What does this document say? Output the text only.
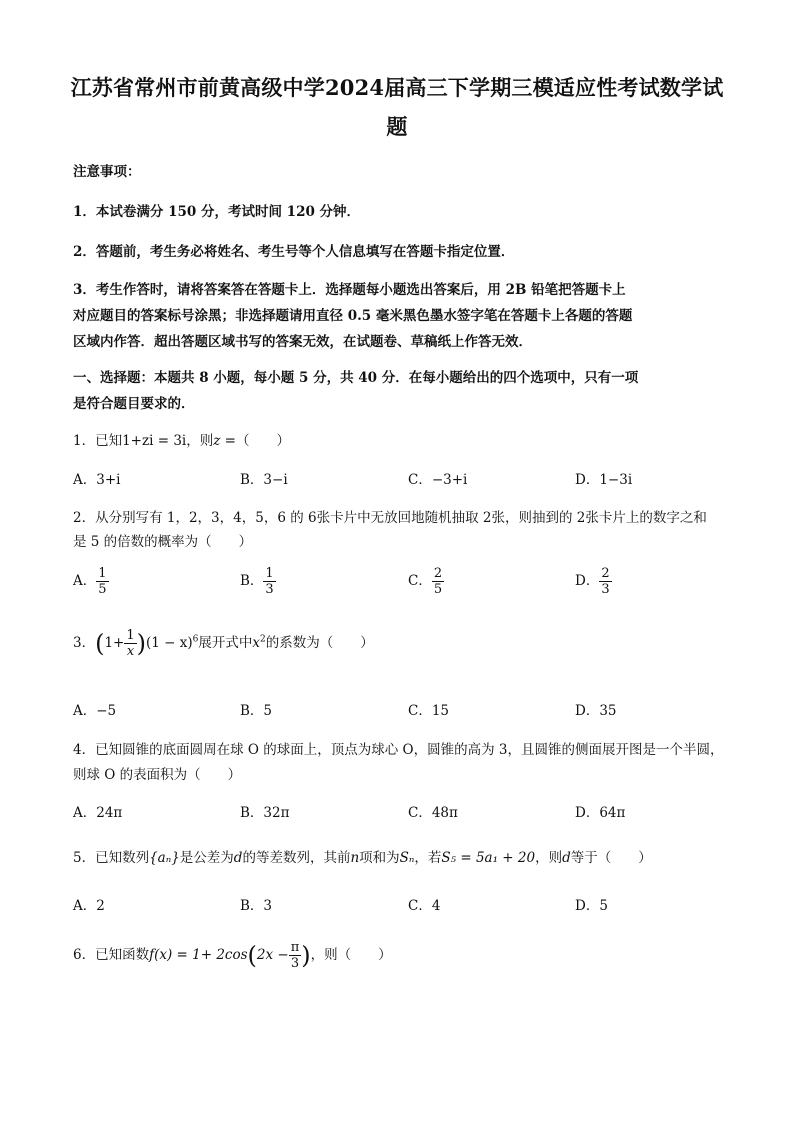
江苏省常州市前黄高级中学2024届高三下学期三模适应性考试数学试
题
注意事项：
1．本试卷满分 150 分，考试时间 120 分钟．
2．答题前，考生务必将姓名、考生号等个人信息填写在答题卡指定位置．
3．考生作答时，请将答案答在答题卡上．选择题每小题选出答案后，用 2B 铅笔把答题卡上
对应题目的答案标号涂黑；非选择题请用直径 0.5 毫米黑色墨水签字笔在答题卡上各题的答题
区域内作答．超出答题区域书写的答案无效，在试题卷、草稿纸上作答无效．
一、选择题：本题共 8 小题，每小题 5 分，共 40 分．在每小题给出的四个选项中，只有一项
是符合题目要求的．
1．已知1+zi = 3i，则z =（　　）
A．3+i	B．3−i	C．−3+i	D．1−3i
2．从分别写有 1，2，3，4，5，6 的 6张卡片中无放回地随机抽取 2张，则抽到的 2张卡片上的数字之和
是 5 的倍数的概率为（　　）
A． $\frac{1}{5}$	B． $\frac{1}{3}$	C． $\frac{2}{5}$	D． $\frac{2}{3}$
3．$(1+ \frac{1}{x} )(1 - x)^6$展开式中$x^2$的系数为（　　）
A．−5	B．5	C．15	D．35
4．已知圆锥的底面圆周在球 O 的球面上，顶点为球心 O，圆锥的高为 3，且圆锥的侧面展开图是一个半圆，
则球 O 的表面积为（　　）
A．24π	B．32π	C．48π	D．64π
5．已知数列{aₙ}是公差为d的等差数列，其前n项和为Sₙ，若S₅ = 5a₁ + 20，则d等于（　　）
A．2	B．3	C．4	D．5
6．已知函数$f(x) = 1+ 2\cos(2x - \frac{\pi}{3}$ )，则（　　）
